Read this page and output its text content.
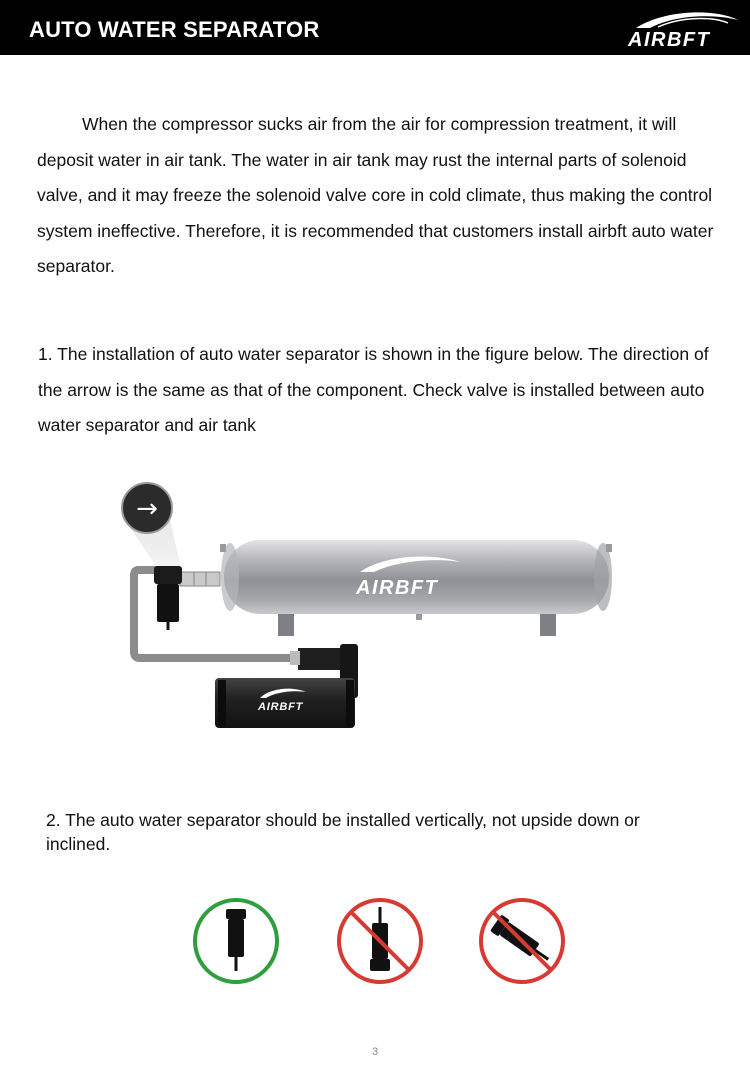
AUTO WATER SEPARATOR	AIRBFT

When the compressor sucks air from the air for compression treatment, it will deposit water in air tank. The water in air tank may rust the internal parts of solenoid valve, and it may freeze the solenoid valve core in cold climate, thus making the control system ineffective. Therefore, it is recommended that customers install airbft auto water separator.

1. The installation of auto water separator is shown in the figure below. The direction of the arrow is the same as that of the component. Check valve is installed between auto water separator and air tank

→
AIRBFT
AIRBFT

2. The auto water separator should be installed vertically, not upside down or inclined.

3
